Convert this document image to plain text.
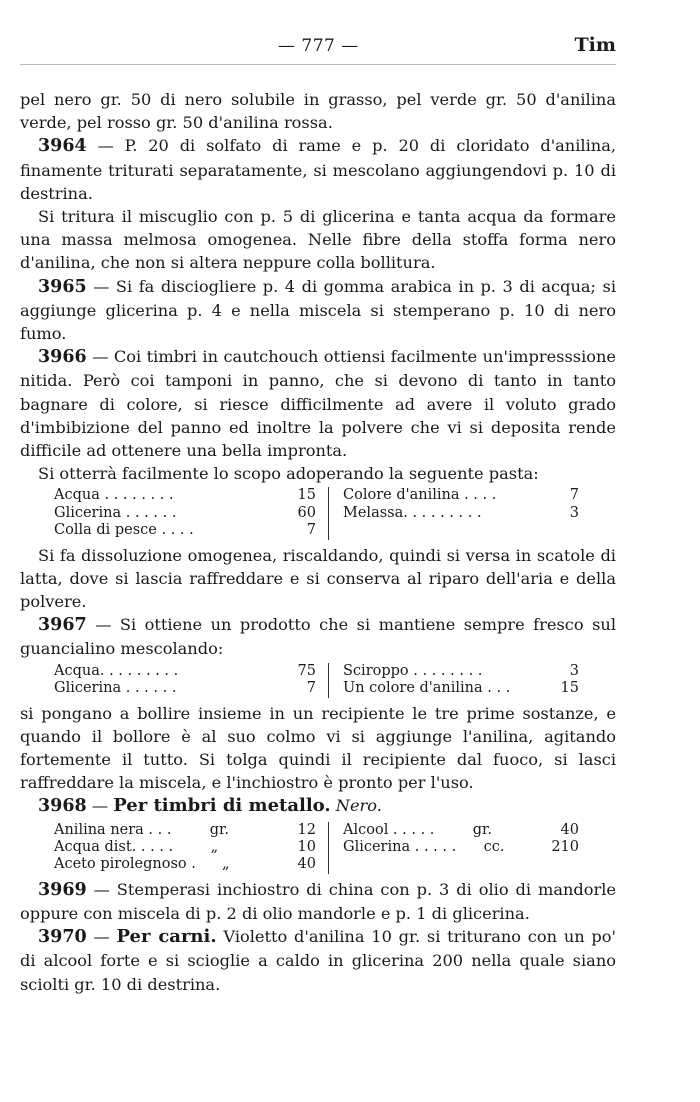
— 777 —	Tim

pel nero gr. 50 di nero solubile in grasso, pel verde gr. 50 d'anilina verde, pel rosso gr. 50 d'anilina rossa.

3964 — P. 20 di solfato di rame e p. 20 di cloridato d'anilina, finamente triturati separatamente, si mescolano aggiungendovi p. 10 di destrina.

Si tritura il miscuglio con p. 5 di glicerina e tanta acqua da formare una massa melmosa omogenea. Nelle fibre della stoffa forma nero d'anilina, che non si altera neppure colla bollitura.

3965 — Si fa disciogliere p. 4 di gomma arabica in p. 3 di acqua; si aggiunge glicerina p. 4 e nella miscela si stemperano p. 10 di nero fumo.

3966 — Coi timbri in cautchouch ottiensi facilmente un'impresssione nitida. Però coi tamponi in panno, che si devono di tanto in tanto bagnare di colore, si riesce difficilmente ad avere il voluto grado d'imbibizione del panno ed inoltre la polvere che vi si deposita rende difficile ad ottenere una bella impronta.

Si otterrà facilmente lo scopo adoperando la seguente pasta:

Acqua . . . . . . . .	15
Glicerina . . . . . .	60
Colla di pesce . . . .	7
Colore d'anilina . . . .	7
Melassa. . . . . . . . .	3

Si fa dissoluzione omogenea, riscaldando, quindi si versa in scatole di latta, dove si lascia raffreddare e si conserva al riparo dell'aria e della polvere.

3967 — Si ottiene un prodotto che si mantiene sempre fresco sul guancialino mescolando:

Acqua. . . . . . . . .	75
Glicerina . . . . . .	7
Sciroppo . . . . . . . .	3
Un colore d'anilina . . .	15

si pongano a bollire insieme in un recipiente le tre prime sostanze, e quando il bollore è al suo colmo vi si aggiunge l'anilina, agitando fortemente il tutto. Si tolga quindi il recipiente dal fuoco, si lasci raffreddare la miscela, e l'inchiostro è pronto per l'uso.

3968 — Per timbri di metallo. Nero.

Anilina nera . . .	gr.	12
Acqua dist. . . . .	„	10
Aceto pirolegnoso . „	40
Alcool . . . . .	gr.	40
Glicerina . . . . . cc.	210

3969 — Stemperasi inchiostro di china con p. 3 di olio di mandorle oppure con miscela di p. 2 di olio mandorle e p. 1 di glicerina.

3970 — Per carni. Violetto d'anilina 10 gr. si triturano con un po' di alcool forte e si scioglie a caldo in glicerina 200 nella quale siano sciolti gr. 10 di destrina.
